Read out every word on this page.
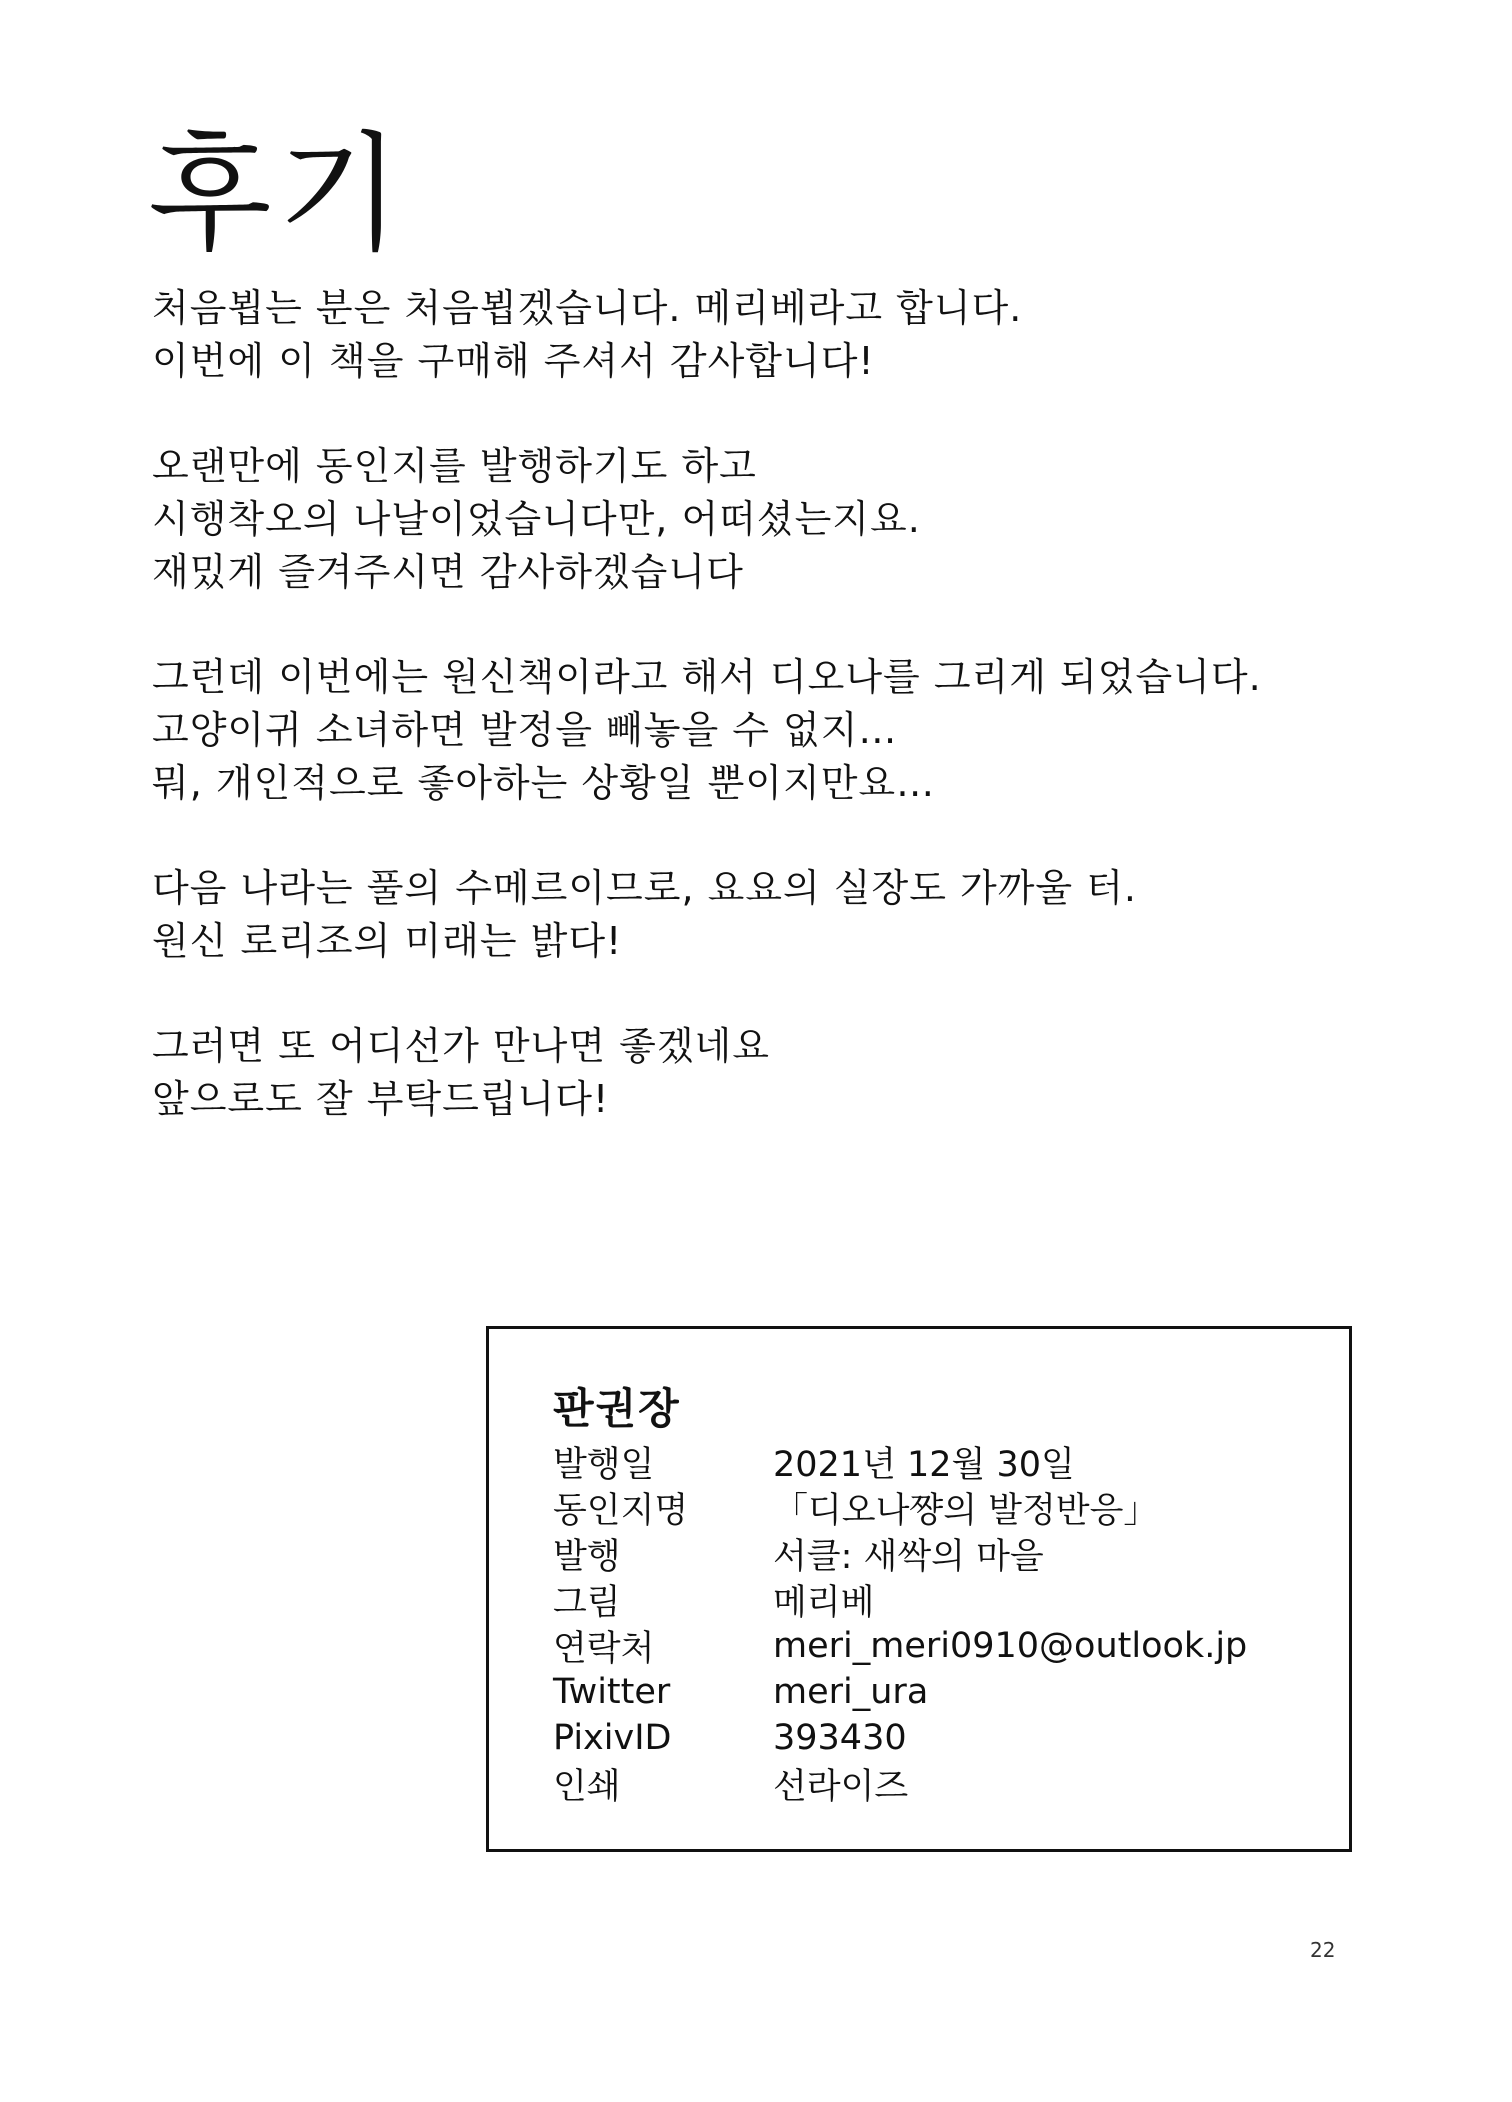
후기
처음뵙는 분은 처음뵙겠습니다. 메리베라고 합니다.
이번에 이 책을 구매해 주셔서 감사합니다!
오랜만에 동인지를 발행하기도 하고
시행착오의 나날이었습니다만, 어떠셨는지요.
재밌게 즐겨주시면 감사하겠습니다
그런데 이번에는 원신책이라고 해서 디오나를 그리게 되었습니다.
고양이귀 소녀하면 발정을 빼놓을 수 없지…
뭐, 개인적으로 좋아하는 상황일 뿐이지만요…
다음 나라는 풀의 수메르이므로, 요요의 실장도 가까울 터.
원신 로리조의 미래는 밝다!
그러면 또 어디선가 만나면 좋겠네요
앞으로도 잘 부탁드립니다!
판권장
발행일	2021년 12월 30일
동인지명	「디오나쨩의 발정반응」
발행	서클: 새싹의 마을
그림	메리베
연락처	meri_meri0910@outlook.jp
Twitter	meri_ura
PixivID	393430
인쇄	선라이즈
22
